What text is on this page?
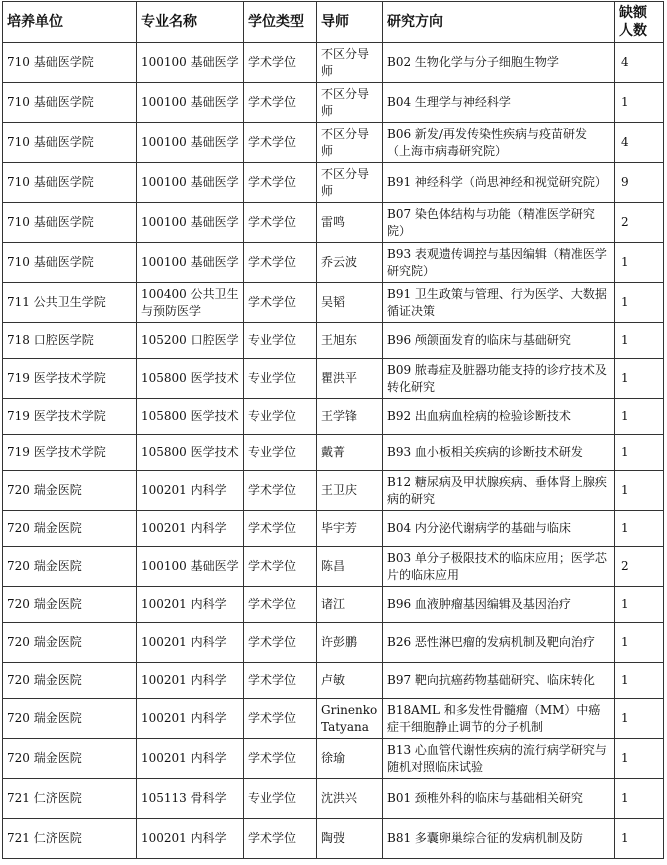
培养单位	专业名称	学位类型	导师	研究方向	缺额人数
710 基础医学院	100100 基础医学	学术学位	不区分导师	B02 生物化学与分子细胞生物学	4
710 基础医学院	100100 基础医学	学术学位	不区分导师	B04 生理学与神经科学	1
710 基础医学院	100100 基础医学	学术学位	不区分导师	B06 新发/再发传染性疾病与疫苗研发（上海市病毒研究院）	4
710 基础医学院	100100 基础医学	学术学位	不区分导师	B91 神经科学（尚思神经和视觉研究院）	9
710 基础医学院	100100 基础医学	学术学位	雷鸣	B07 染色体结构与功能（精准医学研究院）	2
710 基础医学院	100100 基础医学	学术学位	乔云波	B93 表观遗传调控与基因编辑（精准医学研究院）	1
711 公共卫生学院	100400 公共卫生与预防医学	学术学位	吴韬	B91 卫生政策与管理、行为医学、大数据循证决策	1
718 口腔医学院	105200 口腔医学	专业学位	王旭东	B96 颅颌面发育的临床与基础研究	1
719 医学技术学院	105800 医学技术	专业学位	瞿洪平	B09 脓毒症及脏器功能支持的诊疗技术及转化研究	1
719 医学技术学院	105800 医学技术	专业学位	王学锋	B92 出血病血栓病的检验诊断技术	1
719 医学技术学院	105800 医学技术	专业学位	戴菁	B93 血小板相关疾病的诊断技术研发	1
720 瑞金医院	100201 内科学	学术学位	王卫庆	B12 糖尿病及甲状腺疾病、垂体肾上腺疾病的研究	1
720 瑞金医院	100201 内科学	学术学位	毕宇芳	B04 内分泌代谢病学的基础与临床	1
720 瑞金医院	100100 基础医学	学术学位	陈昌	B03 单分子极限技术的临床应用；医学芯片的临床应用	2
720 瑞金医院	100201 内科学	学术学位	诸江	B96 血液肿瘤基因编辑及基因治疗	1
720 瑞金医院	100201 内科学	学术学位	许彭鹏	B26 恶性淋巴瘤的发病机制及靶向治疗	1
720 瑞金医院	100201 内科学	学术学位	卢敏	B97 靶向抗癌药物基础研究、临床转化	1
720 瑞金医院	100201 内科学	学术学位	Grinenko Tatyana	B18AML 和多发性骨髓瘤（MM）中癌症干细胞静止调节的分子机制	1
720 瑞金医院	100201 内科学	学术学位	徐瑜	B13 心血管代谢性疾病的流行病学研究与随机对照临床试验	1
721 仁济医院	105113 骨科学	专业学位	沈洪兴	B01 颈椎外科的临床与基础相关研究	1
721 仁济医院	100201 内科学	学术学位	陶弢	B81 多囊卵巢综合征的发病机制及防	1
